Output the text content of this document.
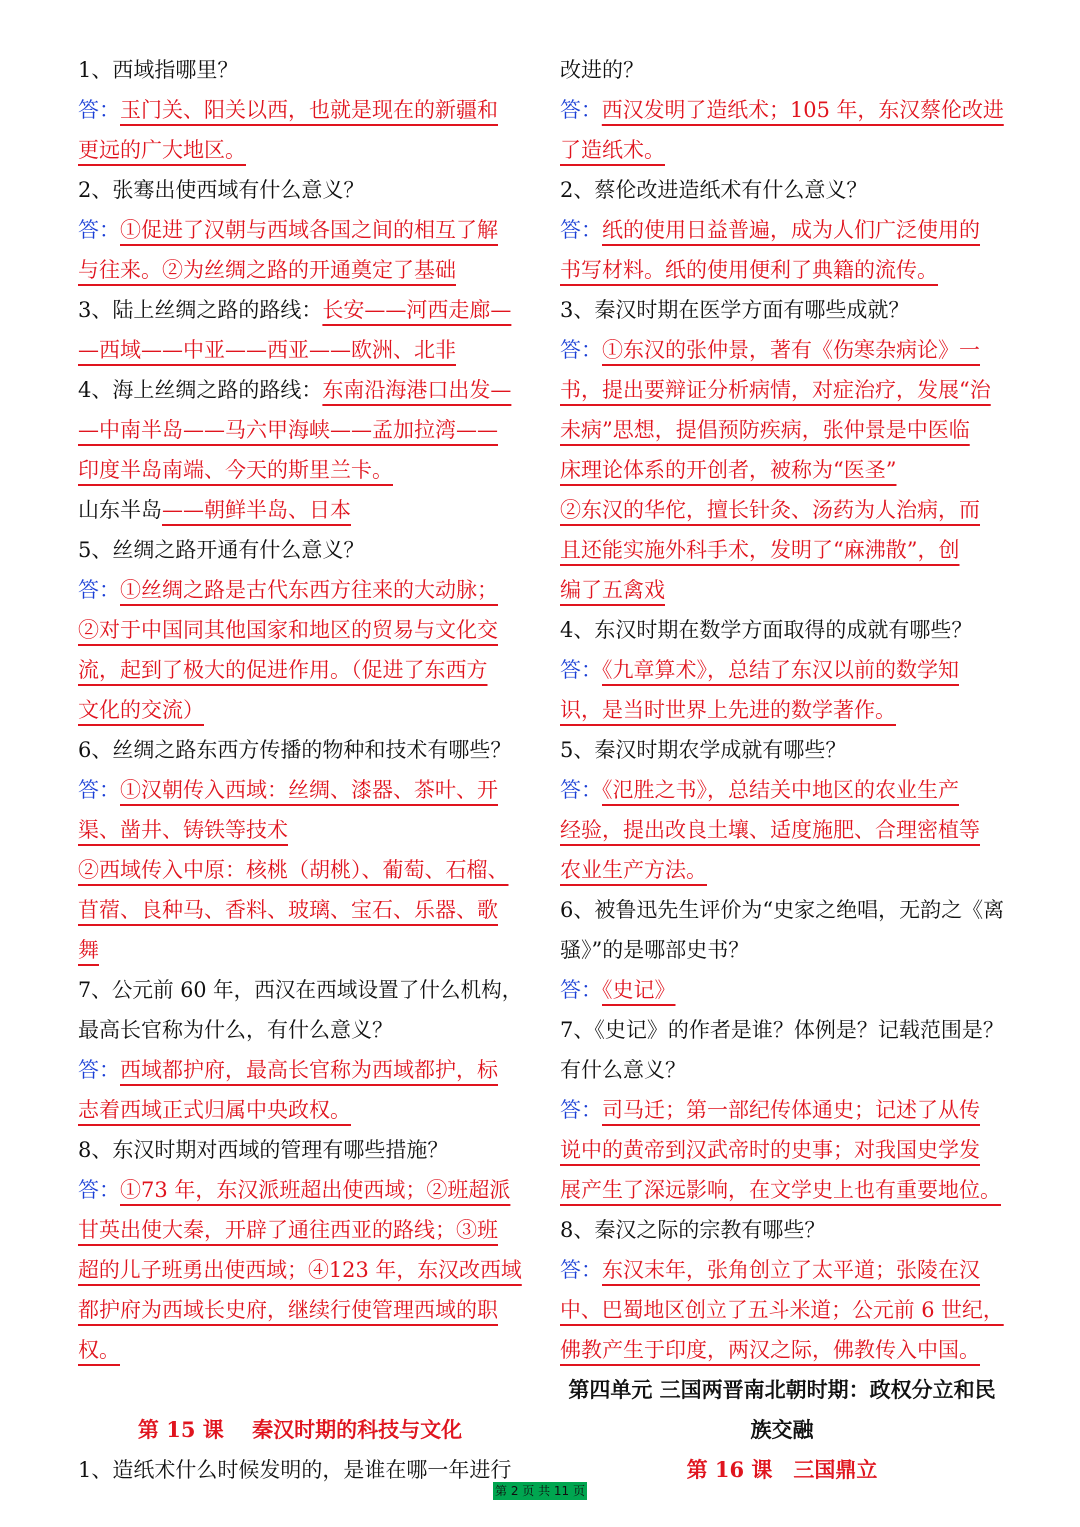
1、西域指哪里？
答：玉门关、阳关以西，也就是现在的新疆和
更远的广大地区。
2、张骞出使西域有什么意义？
答：①促进了汉朝与西域各国之间的相互了解
与往来。②为丝绸之路的开通奠定了基础
3、陆上丝绸之路的路线：长安——河西走廊—
—西域——中亚——西亚——欧洲、北非
4、海上丝绸之路的路线：东南沿海港口出发—
—中南半岛——马六甲海峡——孟加拉湾——
印度半岛南端、今天的斯里兰卡。
山东半岛——朝鲜半岛、日本
5、丝绸之路开通有什么意义？
答：①丝绸之路是古代东西方往来的大动脉；
②对于中国同其他国家和地区的贸易与文化交
流，起到了极大的促进作用。（促进了东西方
文化的交流）
6、丝绸之路东西方传播的物种和技术有哪些？
答：①汉朝传入西域：丝绸、漆器、茶叶、开
渠、凿井、铸铁等技术
②西域传入中原：核桃（胡桃）、葡萄、石榴、
苜蓿、良种马、香料、玻璃、宝石、乐器、歌
舞
7、公元前 60 年，西汉在西域设置了什么机构，
最高长官称为什么，有什么意义？
答：西域都护府，最高长官称为西域都护，标
志着西域正式归属中央政权。
8、东汉时期对西域的管理有哪些措施？
答：①73 年，东汉派班超出使西域；②班超派
甘英出使大秦，开辟了通往西亚的路线；③班
超的儿子班勇出使西域；④123 年，东汉改西域
都护府为西域长史府，继续行使管理西域的职
权。
第 15 课　 秦汉时期的科技与文化
1、造纸术什么时候发明的，是谁在哪一年进行
改进的？
答：西汉发明了造纸术；105 年，东汉蔡伦改进
了造纸术。
2、蔡伦改进造纸术有什么意义？
答：纸的使用日益普遍，成为人们广泛使用的
书写材料。纸的使用便利了典籍的流传。
3、秦汉时期在医学方面有哪些成就？
答：①东汉的张仲景，著有《伤寒杂病论》一
书，提出要辩证分析病情，对症治疗，发展“治
未病”思想，提倡预防疾病，张仲景是中医临
床理论体系的开创者，被称为“医圣”
②东汉的华佗，擅长针灸、汤药为人治病，而
且还能实施外科手术，发明了“麻沸散”，创
编了五禽戏
4、东汉时期在数学方面取得的成就有哪些？
答：《九章算术》，总结了东汉以前的数学知
识，是当时世界上先进的数学著作。
5、秦汉时期农学成就有哪些？
答：《氾胜之书》，总结关中地区的农业生产
经验，提出改良土壤、适度施肥、合理密植等
农业生产方法。
6、被鲁迅先生评价为“史家之绝唱，无韵之《离
骚》”的是哪部史书？
答：《史记》
7、《史记》的作者是谁？体例是？记载范围是？
有什么意义？
答：司马迁；第一部纪传体通史；记述了从传
说中的黄帝到汉武帝时的史事；对我国史学发
展产生了深远影响，在文学史上也有重要地位。
8、秦汉之际的宗教有哪些？
答：东汉末年，张角创立了太平道；张陵在汉
中、巴蜀地区创立了五斗米道；公元前 6 世纪，
佛教产生于印度，两汉之际，佛教传入中国。
第四单元 三国两晋南北朝时期：政权分立和民
族交融
第 16 课　三国鼎立
第 2 页 共 11 页
